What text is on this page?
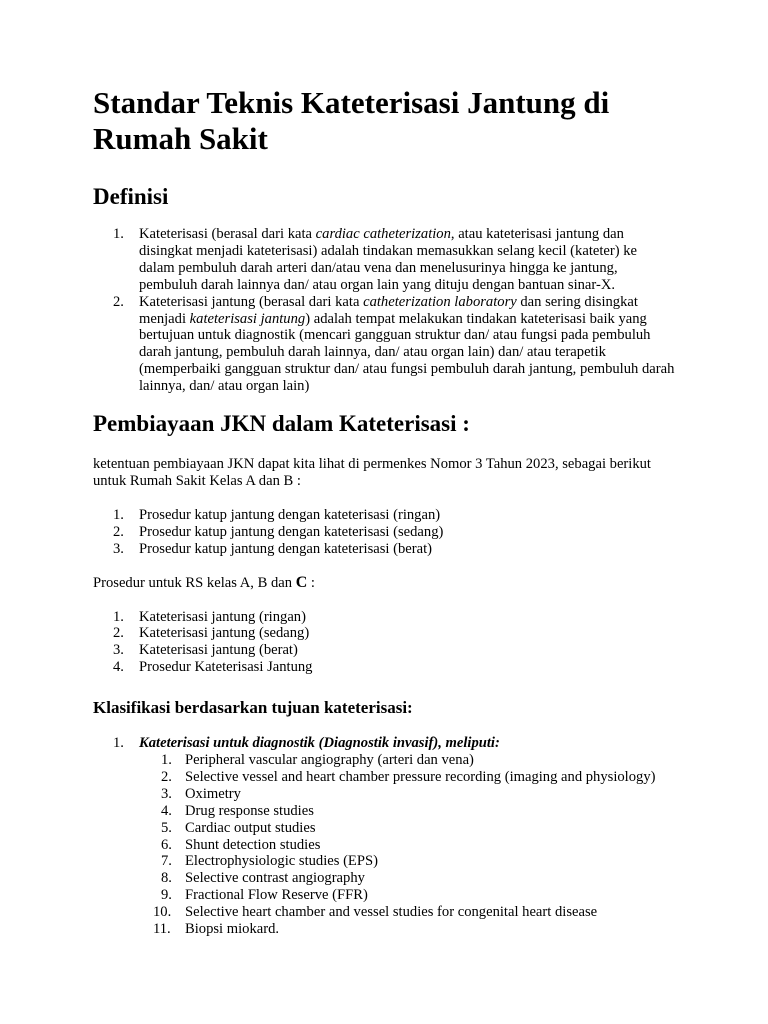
Standar Teknis Kateterisasi Jantung di Rumah Sakit
Definisi
1. Kateterisasi (berasal dari kata cardiac catheterization, atau kateterisasi jantung dan disingkat menjadi kateterisasi) adalah tindakan memasukkan selang kecil (kateter) ke dalam pembuluh darah arteri dan/atau vena dan menelusurinya hingga ke jantung, pembuluh darah lainnya dan/ atau organ lain yang dituju dengan bantuan sinar-X.
2. Kateterisasi jantung (berasal dari kata catheterization laboratory dan sering disingkat menjadi kateterisasi jantung) adalah tempat melakukan tindakan kateterisasi baik yang bertujuan untuk diagnostik (mencari gangguan struktur dan/ atau fungsi pada pembuluh darah jantung, pembuluh darah lainnya, dan/ atau organ lain) dan/ atau terapetik (memperbaiki gangguan struktur dan/ atau fungsi pembuluh darah jantung, pembuluh darah lainnya, dan/ atau organ lain)
Pembiayaan JKN dalam Kateterisasi :

ketentuan pembiayaan JKN dapat kita lihat di permenkes Nomor 3 Tahun 2023, sebagai berikut untuk Rumah Sakit Kelas A dan B :

1. Prosedur katup jantung dengan kateterisasi (ringan)
2. Prosedur katup jantung dengan kateterisasi (sedang)
3. Prosedur katup jantung dengan kateterisasi (berat)

Prosedur untuk RS kelas A, B dan C :

1. Kateterisasi jantung (ringan)
2. Kateterisasi jantung (sedang)
3. Kateterisasi jantung (berat)
4. Prosedur Kateterisasi Jantung
Klasifikasi berdasarkan tujuan kateterisasi:
1. Kateterisasi untuk diagnostik (Diagnostik invasif), meliputi:
1. Peripheral vascular angiography (arteri dan vena)
2. Selective vessel and heart chamber pressure recording (imaging and physiology)
3. Oximetry
4. Drug response studies
5. Cardiac output studies
6. Shunt detection studies
7. Electrophysiologic studies (EPS)
8. Selective contrast angiography
9. Fractional Flow Reserve (FFR)
10. Selective heart chamber and vessel studies for congenital heart disease
11. Biopsi miokard.
